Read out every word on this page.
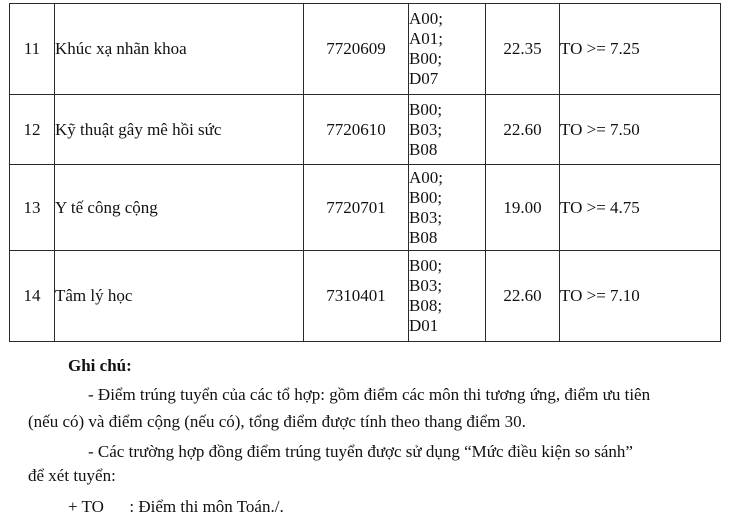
11	Khúc xạ nhãn khoa	7720609	A00;
A01;
B00;
D07	22.35	TO >= 7.25
12	Kỹ thuật gây mê hồi sức	7720610	B00;
B03;
B08	22.60	TO >= 7.50
13	Y tế công cộng	7720701	A00;
B00;
B03;
B08	19.00	TO >= 4.75
14	Tâm lý học	7310401	B00;
B03;
B08;
D01	22.60	TO >= 7.10
Ghi chú:
- Điểm trúng tuyển của các tổ hợp: gồm điểm các môn thi tương ứng, điểm ưu tiên
(nếu có) và điểm cộng (nếu có), tổng điểm được tính theo thang điểm 30.
- Các trường hợp đồng điểm trúng tuyển được sử dụng “Mức điều kiện so sánh”
để xét tuyển:
+ TO      : Điểm thi môn Toán./.
